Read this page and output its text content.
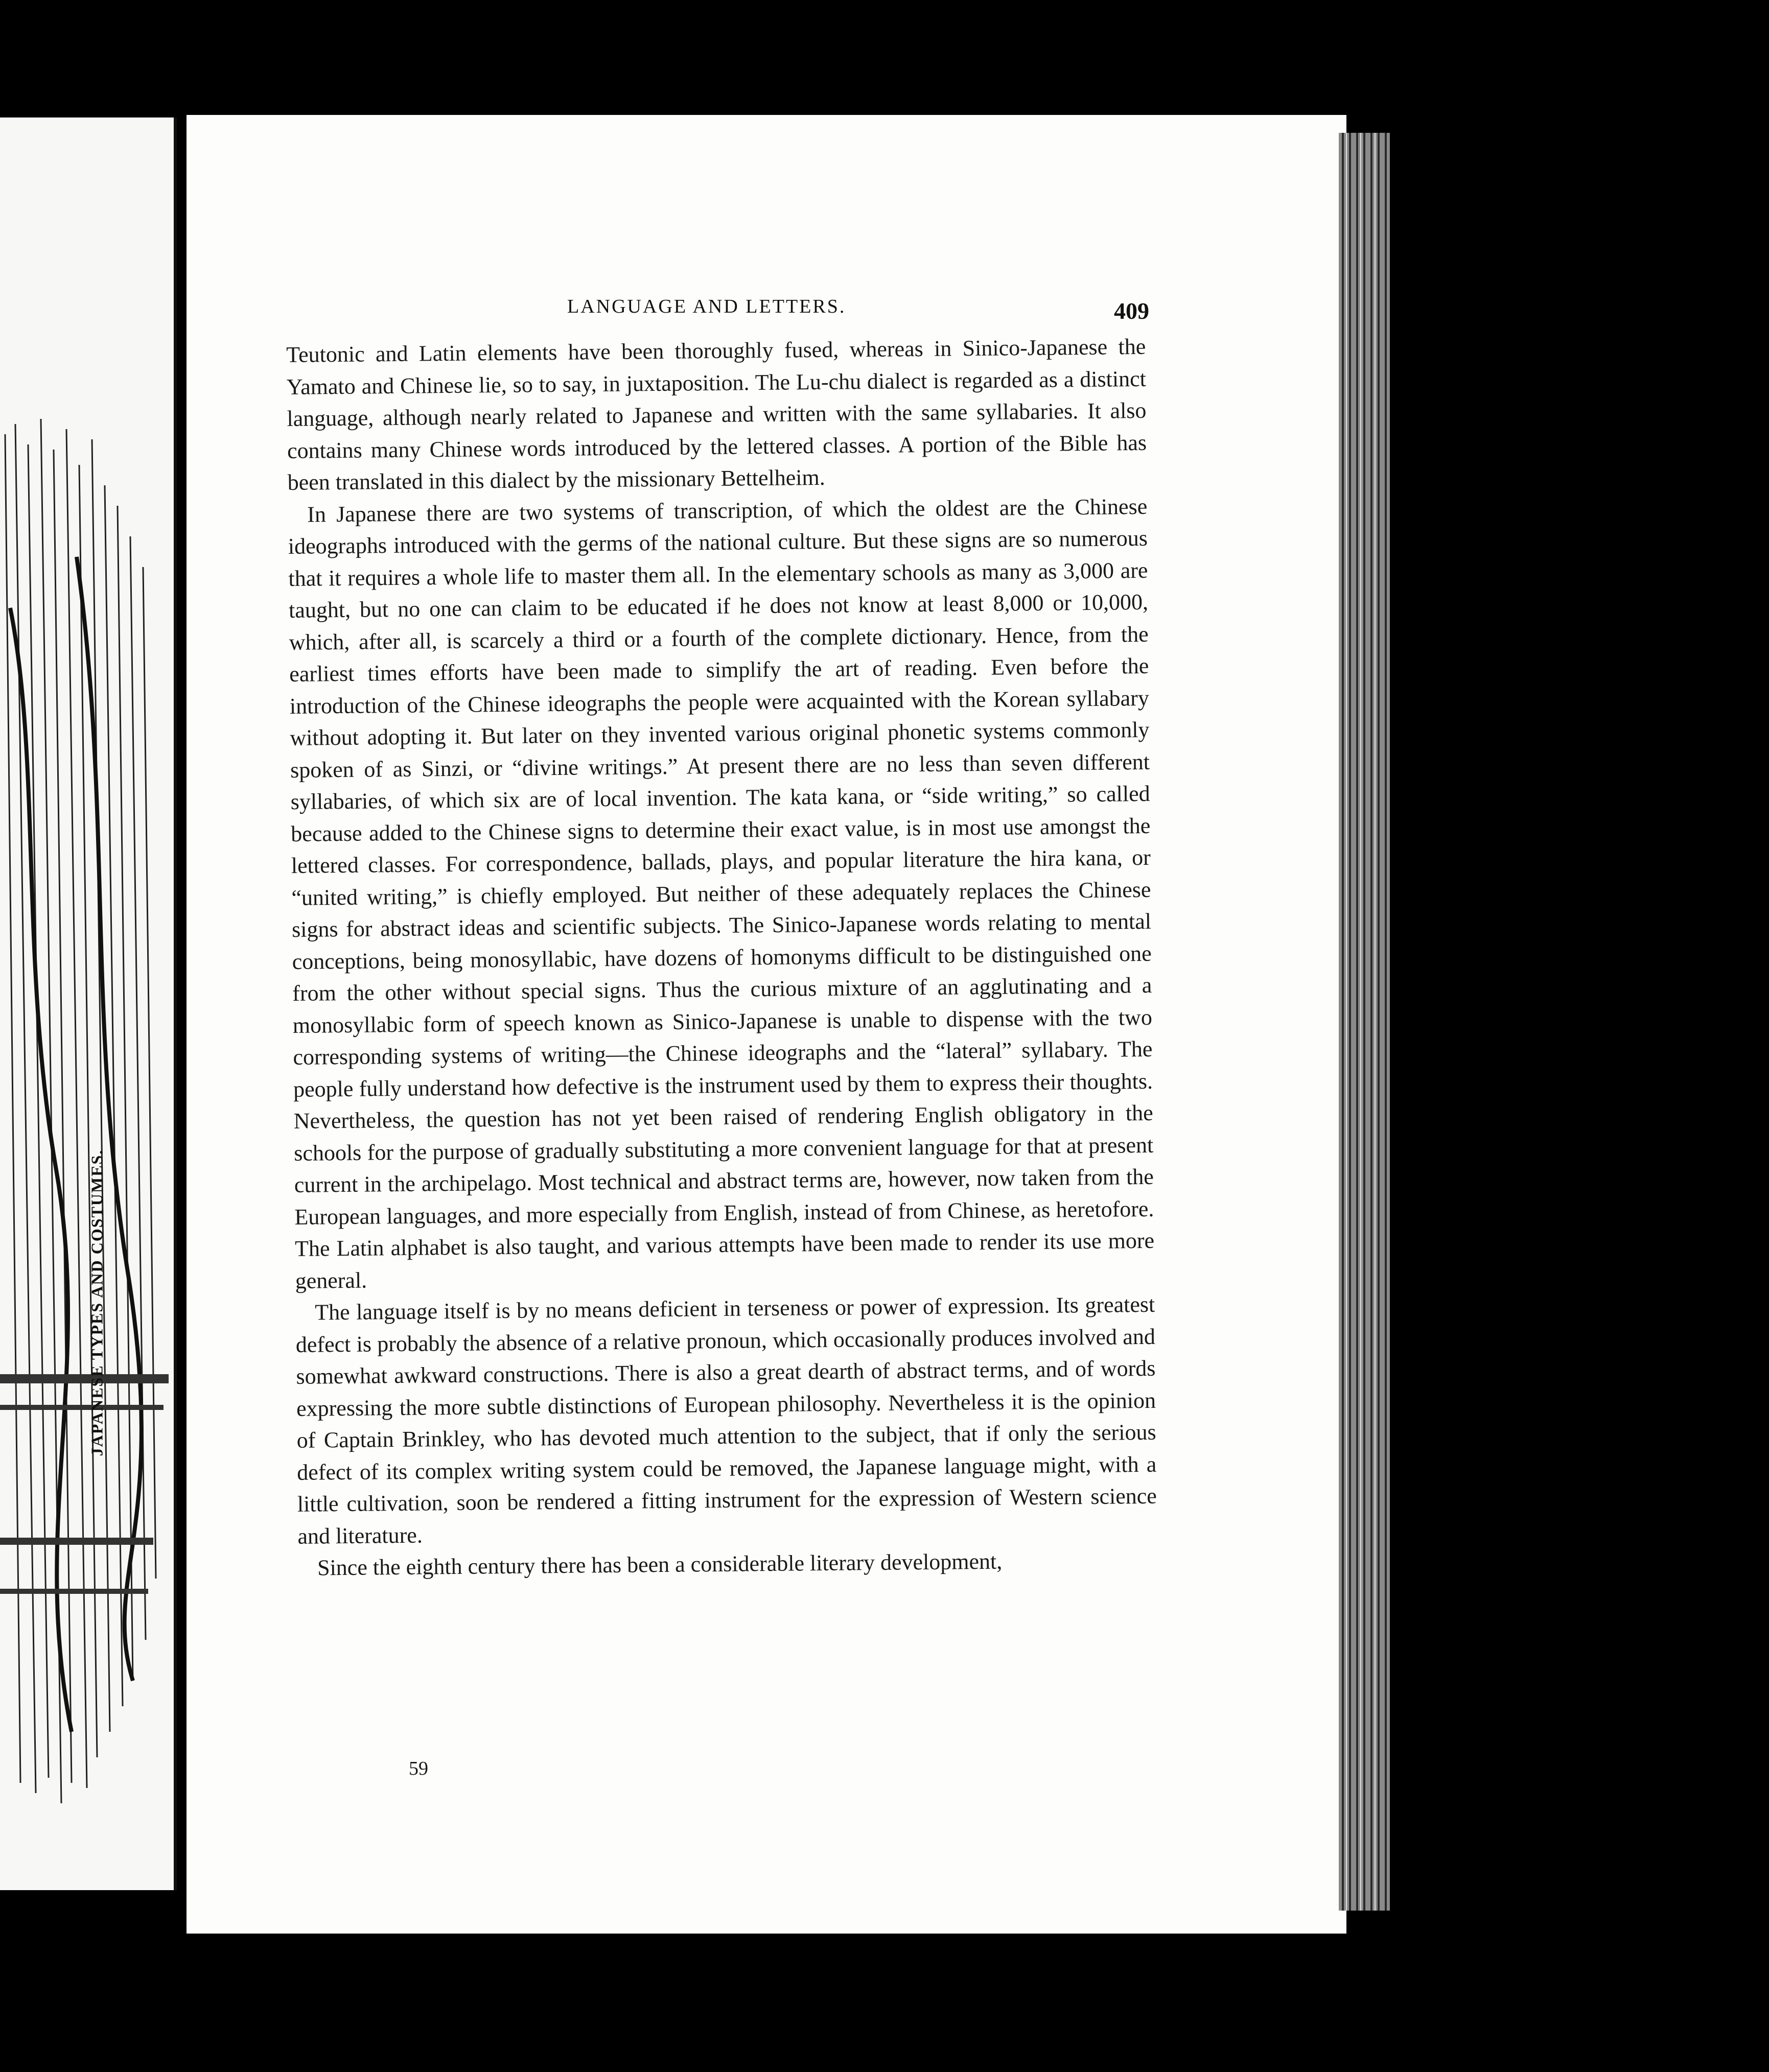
JAPANESE TYPES AND COSTUMES.
LANGUAGE AND LETTERS.	409

Teutonic and Latin elements have been thoroughly fused, whereas in Sinico-Japanese the Yamato and Chinese lie, so to say, in juxtaposition. The Lu-chu dialect is regarded as a distinct language, although nearly related to Japanese and written with the same syllabaries. It also contains many Chinese words introduced by the lettered classes. A portion of the Bible has been translated in this dialect by the missionary Bettelheim.

In Japanese there are two systems of transcription, of which the oldest are the Chinese ideographs introduced with the germs of the national culture. But these signs are so numerous that it requires a whole life to master them all. In the elementary schools as many as 3,000 are taught, but no one can claim to be educated if he does not know at least 8,000 or 10,000, which, after all, is scarcely a third or a fourth of the complete dictionary. Hence, from the earliest times efforts have been made to simplify the art of reading. Even before the introduction of the Chinese ideographs the people were acquainted with the Korean syllabary without adopting it. But later on they invented various original phonetic systems commonly spoken of as Sinzi, or “divine writings.” At present there are no less than seven different syllabaries, of which six are of local invention. The kata kana, or “side writing,” so called because added to the Chinese signs to determine their exact value, is in most use amongst the lettered classes. For correspondence, ballads, plays, and popular literature the hira kana, or “united writing,” is chiefly employed. But neither of these adequately replaces the Chinese signs for abstract ideas and scientific subjects. The Sinico-Japanese words relating to mental conceptions, being monosyllabic, have dozens of homonyms difficult to be distinguished one from the other without special signs. Thus the curious mixture of an agglutinating and a monosyllabic form of speech known as Sinico-Japanese is unable to dispense with the two corresponding systems of writing—the Chinese ideographs and the “lateral” syllabary. The people fully understand how defective is the instrument used by them to express their thoughts. Nevertheless, the question has not yet been raised of rendering English obligatory in the schools for the purpose of gradually substituting a more convenient language for that at present current in the archipelago. Most technical and abstract terms are, however, now taken from the European languages, and more especially from English, instead of from Chinese, as heretofore. The Latin alphabet is also taught, and various attempts have been made to render its use more general.

The language itself is by no means deficient in terseness or power of expression. Its greatest defect is probably the absence of a relative pronoun, which occasionally produces involved and somewhat awkward constructions. There is also a great dearth of abstract terms, and of words expressing the more subtle distinctions of European philosophy. Nevertheless it is the opinion of Captain Brinkley, who has devoted much attention to the subject, that if only the serious defect of its complex writing system could be removed, the Japanese language might, with a little cultivation, soon be rendered a fitting instrument for the expression of Western science and literature.

Since the eighth century there has been a considerable literary development,

59
